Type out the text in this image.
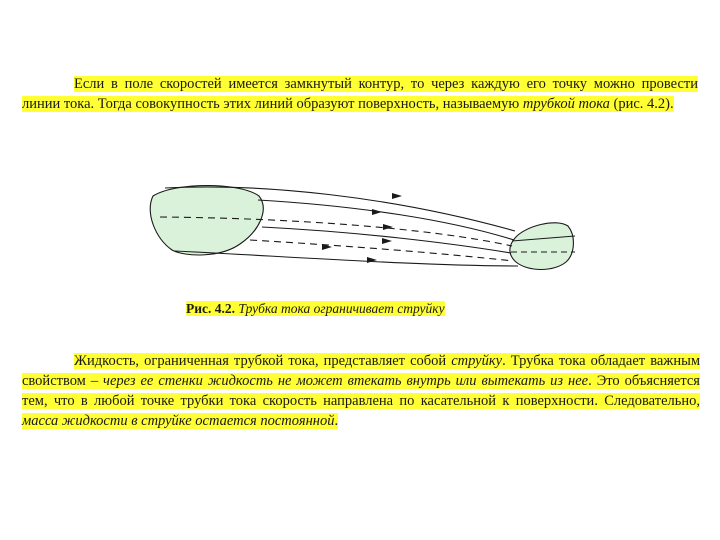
Если в поле скоростей имеется замкнутый контур, то через каждую его точку можно провести линии тока. Тогда совокупность этих линий образуют поверхность, называемую трубкой тока (рис. 4.2).
Рис. 4.2. Трубка тока ограничивает струйку
Жидкость, ограниченная трубкой тока, представляет собой струйку. Трубка тока обладает важным свойством – через ее стенки жидкость не может втекать внутрь или вытекать из нее. Это объясняется тем, что в любой точке трубки тока скорость направлена по касательной к поверхности. Следовательно, масса жидкости в струйке остается постоянной.
